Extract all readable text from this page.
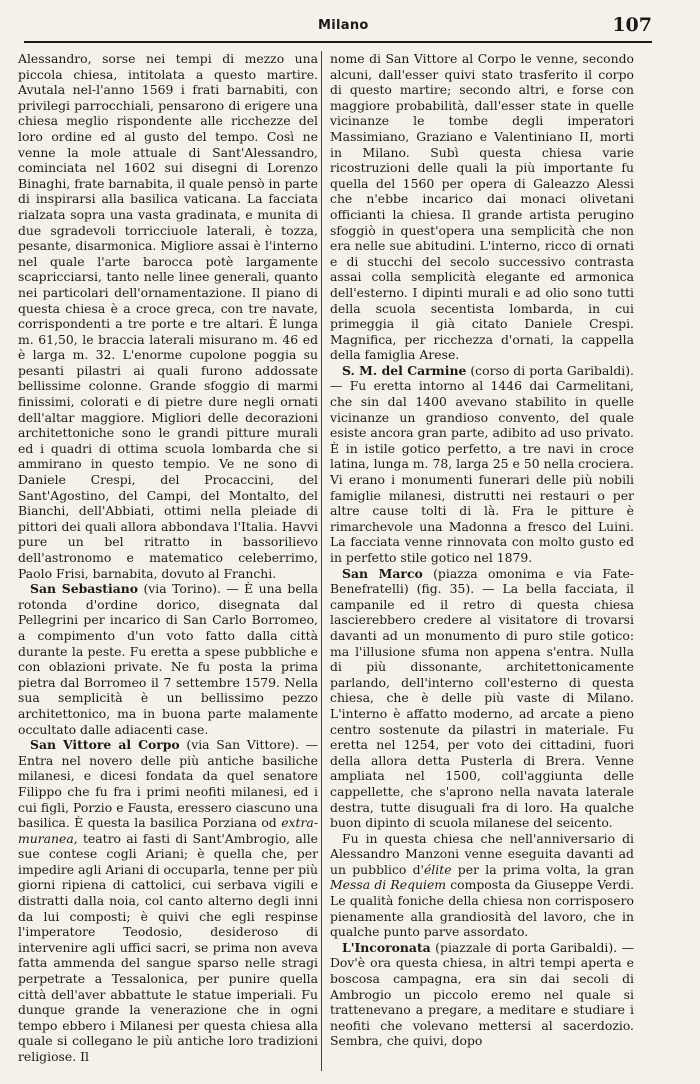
Milano	107

Alessandro, sorse nei tempi di mezzo una piccola chiesa, intitolata a questo martire. Avutala nel-l'anno 1569 i frati barnabiti, con privilegi parrocchiali, pensarono di erigere una chiesa meglio rispondente alle ricchezze del loro ordine ed al gusto del tempo. Così ne venne la mole attuale di Sant'Alessandro, cominciata nel 1602 sui disegni di Lorenzo Binaghi, frate barnabita, il quale pensò in parte di inspirarsi alla basilica vaticana. La facciata rialzata sopra una vasta gradinata, e munita di due sgradevoli torricciuole laterali, è tozza, pesante, disarmonica. Migliore assai è l'interno nel quale l'arte barocca potè largamente scapricciarsi, tanto nelle linee generali, quanto nei particolari dell'ornamentazione. Il piano di questa chiesa è a croce greca, con tre navate, corrispondenti a tre porte e tre altari. È lunga m. 61,50, le braccia laterali misurano m. 46 ed è larga m. 32. L'enorme cupolone poggia su pesanti pilastri ai quali furono addossate bellissime colonne. Grande sfoggio di marmi finissimi, colorati e di pietre dure negli ornati dell'altar maggiore. Migliori delle decorazioni architettoniche sono le grandi pitture murali ed i quadri di ottima scuola lombarda che si ammirano in questo tempio. Ve ne sono di Daniele Crespi, del Procaccini, del Sant'Agostino, del Campi, del Montalto, del Bianchi, dell'Abbiati, ottimi nella pleiade di pittori dei quali allora abbondava l'Italia. Havvi pure un bel ritratto in bassorilievo dell'astronomo e matematico celeberrimo, Paolo Frisi, barnabita, dovuto al Franchi.

San Sebastiano (via Torino). — È una bella rotonda d'ordine dorico, disegnata dal Pellegrini per incarico di San Carlo Borromeo, a compimento d'un voto fatto dalla città durante la peste. Fu eretta a spese pubbliche e con oblazioni private. Ne fu posta la prima pietra dal Borromeo il 7 settembre 1579. Nella sua semplicità è un bellissimo pezzo architettonico, ma in buona parte malamente occultato dalle adiacenti case.

San Vittore al Corpo (via San Vittore). — Entra nel novero delle più antiche basiliche milanesi, e dicesi fondata da quel senatore Filippo che fu fra i primi neofiti milanesi, ed i cui figli, Porzio e Fausta, eressero ciascuno una basilica. È questa la basilica Porziana od extra-muranea, teatro ai fasti di Sant'Ambrogio, alle sue contese cogli Ariani; è quella che, per impedire agli Ariani di occuparla, tenne per più giorni ripiena di cattolici, cui serbava vigili e distratti dalla noia, col canto alterno degli inni da lui composti; è quivi che egli respinse l'imperatore Teodosio, desideroso di intervenire agli uffici sacri, se prima non aveva fatta ammenda del sangue sparso nelle stragi perpetrate a Tessalonica, per punire quella città dell'aver abbattute le statue imperiali. Fu dunque grande la venerazione che in ogni tempo ebbero i Milanesi per questa chiesa alla quale si collegano le più antiche loro tradizioni religiose. Il

nome di San Vittore al Corpo le venne, secondo alcuni, dall'esser quivi stato trasferito il corpo di questo martire; secondo altri, e forse con maggiore probabilità, dall'esser state in quelle vicinanze le tombe degli imperatori Massimiano, Graziano e Valentiniano II, morti in Milano. Subì questa chiesa varie ricostruzioni delle quali la più importante fu quella del 1560 per opera di Galeazzo Alessi che n'ebbe incarico dai monaci olivetani officianti la chiesa. Il grande artista perugino sfoggiò in quest'opera una semplicità che non era nelle sue abitudini. L'interno, ricco di ornati e di stucchi del secolo successivo contrasta assai colla semplicità elegante ed armonica dell'esterno. I dipinti murali e ad olio sono tutti della scuola secentista lombarda, in cui primeggia il già citato Daniele Crespi. Magnifica, per ricchezza d'ornati, la cappella della famiglia Arese.

S. M. del Carmine (corso di porta Garibaldi). — Fu eretta intorno al 1446 dai Carmelitani, che sin dal 1400 avevano stabilito in quelle vicinanze un grandioso convento, del quale esiste ancora gran parte, adibito ad uso privato. È in istile gotico perfetto, a tre navi in croce latina, lunga m. 78, larga 25 e 50 nella crociera. Vi erano i monumenti funerari delle più nobili famiglie milanesi, distrutti nei restauri o per altre cause tolti di là. Fra le pitture è rimarchevole una Madonna a fresco del Luini. La facciata venne rinnovata con molto gusto ed in perfetto stile gotico nel 1879.

San Marco (piazza omonima e via Fate-Benefratelli) (fig. 35). — La bella facciata, il campanile ed il retro di questa chiesa lascierebbero credere al visitatore di trovarsi davanti ad un monumento di puro stile gotico: ma l'illusione sfuma non appena s'entra. Nulla di più dissonante, architettonicamente parlando, dell'interno coll'esterno di questa chiesa, che è delle più vaste di Milano. L'interno è affatto moderno, ad arcate a pieno centro sostenute da pilastri in materiale. Fu eretta nel 1254, per voto dei cittadini, fuori della allora detta Pusterla di Brera. Venne ampliata nel 1500, coll'aggiunta delle cappellette, che s'aprono nella navata laterale destra, tutte disuguali fra di loro. Ha qualche buon dipinto di scuola milanese del seicento.

Fu in questa chiesa che nell'anniversario di Alessandro Manzoni venne eseguita davanti ad un pubblico d'élite per la prima volta, la gran Messa di Requiem composta da Giuseppe Verdi. Le qualità foniche della chiesa non corrisposero pienamente alla grandiosità del lavoro, che in qualche punto parve assordato.

L'Incoronata (piazzale di porta Garibaldi). — Dov'è ora questa chiesa, in altri tempi aperta e boscosa campagna, era sin dai secoli di Ambrogio un piccolo eremo nel quale si trattenevano a pregare, a meditare e studiare i neofiti che volevano mettersi al sacerdozio. Sembra, che quivi, dopo
